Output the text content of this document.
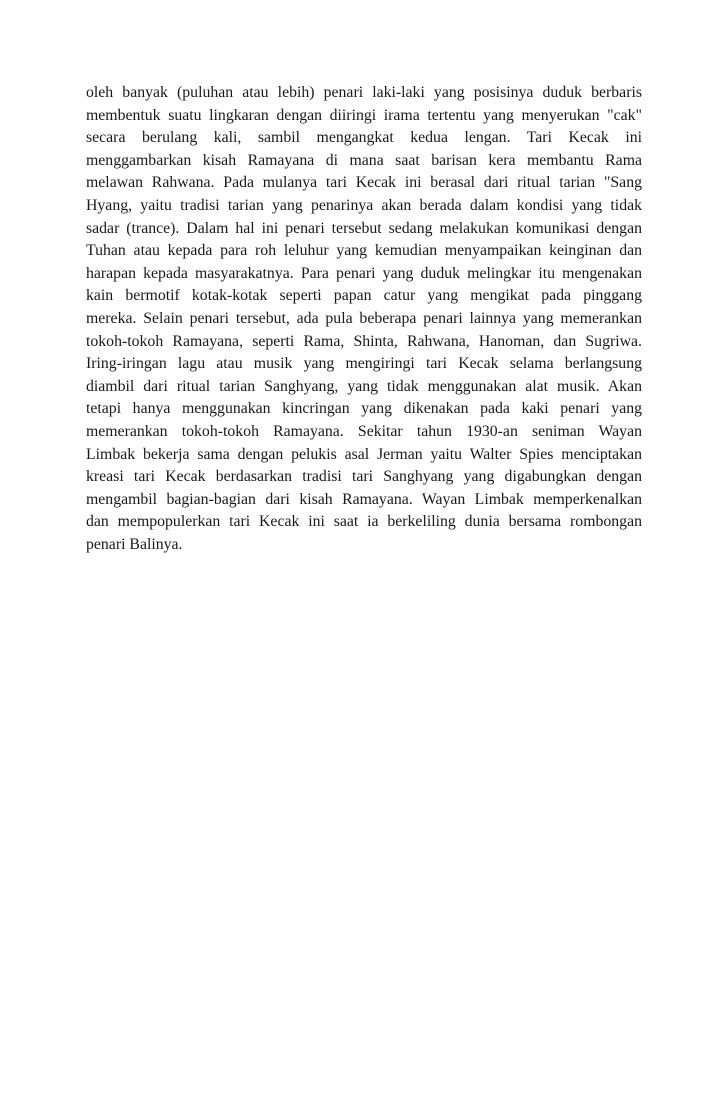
oleh banyak (puluhan atau lebih) penari laki-laki yang posisinya duduk berbaris
membentuk suatu lingkaran dengan diiringi irama tertentu yang menyerukan "cak"
secara berulang kali, sambil mengangkat kedua lengan. Tari Kecak ini
menggambarkan kisah Ramayana di mana saat barisan kera membantu Rama
melawan Rahwana. Pada mulanya tari Kecak ini berasal dari ritual tarian "Sang
Hyang, yaitu tradisi tarian yang penarinya akan berada dalam kondisi yang tidak
sadar (trance). Dalam hal ini penari tersebut sedang melakukan komunikasi dengan
Tuhan atau kepada para roh leluhur yang kemudian menyampaikan keinginan dan
harapan kepada masyarakatnya. Para penari yang duduk melingkar itu mengenakan
kain bermotif kotak-kotak seperti papan catur yang mengikat pada pinggang
mereka. Selain penari tersebut, ada pula beberapa penari lainnya yang memerankan
tokoh-tokoh Ramayana, seperti Rama, Shinta, Rahwana, Hanoman, dan Sugriwa.
Iring-iringan lagu atau musik yang mengiringi tari Kecak selama berlangsung
diambil dari ritual tarian Sanghyang, yang tidak menggunakan alat musik. Akan
tetapi hanya menggunakan kincringan yang dikenakan pada kaki penari yang
memerankan tokoh-tokoh Ramayana. Sekitar tahun 1930-an seniman Wayan
Limbak bekerja sama dengan pelukis asal Jerman yaitu Walter Spies menciptakan
kreasi tari Kecak berdasarkan tradisi tari Sanghyang yang digabungkan dengan
mengambil bagian-bagian dari kisah Ramayana. Wayan Limbak memperkenalkan
dan mempopulerkan tari Kecak ini saat ia berkeliling dunia bersama rombongan
penari Balinya.
